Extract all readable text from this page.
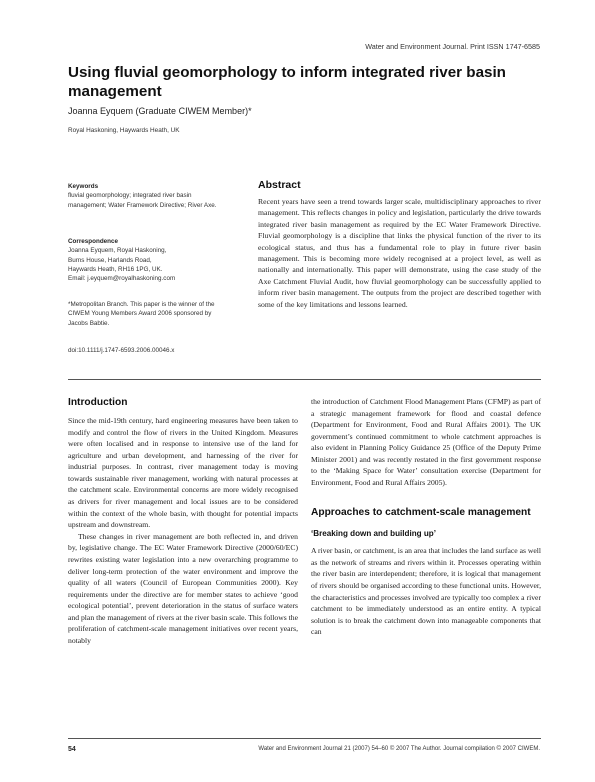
Water and Environment Journal. Print ISSN 1747-6585
Using fluvial geomorphology to inform integrated river basin management
Joanna Eyquem (Graduate CIWEM Member)*
Royal Haskoning, Haywards Heath, UK
Keywords
fluvial geomorphology; integrated river basin management; Water Framework Directive; River Axe.
Correspondence
Joanna Eyquem, Royal Haskoning,
Burns House, Harlands Road,
Haywards Heath, RH16 1PG, UK.
Email: j.eyquem@royalhaskoning.com
*Metropolitan Branch. This paper is the winner of the CIWEM Young Members Award 2006 sponsored by Jacobs Babtie.
doi:10.1111/j.1747-6593.2006.00046.x
Abstract
Recent years have seen a trend towards larger scale, multidisciplinary approaches to river management. This reflects changes in policy and legislation, particularly the drive towards integrated river basin management as required by the EC Water Framework Directive. Fluvial geomorphology is a discipline that links the physical function of the river to its ecological status, and thus has a fundamental role to play in future river basin management. This is becoming more widely recognised at a project level, as well as nationally and internationally. This paper will demonstrate, using the case study of the Axe Catchment Fluvial Audit, how fluvial geomorphology can be successfully applied to inform river basin management. The outputs from the project are described together with some of the key limitations and lessons learned.
Introduction

Since the mid-19th century, hard engineering measures have been taken to modify and control the flow of rivers in the United Kingdom. Measures were often localised and in response to intensive use of the land for agriculture and urban development, and harnessing of the river for industrial purposes. In contrast, river management today is moving towards sustainable river management, working with natural processes at the catchment scale. Environmental concerns are more widely recognised as drivers for river management and local issues are to be considered within the context of the whole basin, with thought for potential impacts upstream and downstream.

These changes in river management are both reflected in, and driven by, legislative change. The EC Water Framework Directive (2000/60/EC) rewrites existing water legislation into a new overarching programme to deliver long-term protection of the water environment and improve the quality of all waters (Council of European Communities 2000). Key requirements under the directive are for member states to achieve ‘good ecological potential’, prevent deterioration in the status of surface waters and plan the management of rivers at the river basin scale. This follows the proliferation of catchment-scale management initiatives over recent years, notably

the introduction of Catchment Flood Management Plans (CFMP) as part of a strategic management framework for flood and coastal defence (Department for Environment, Food and Rural Affairs 2001). The UK government’s continued commitment to whole catchment approaches is also evident in Planning Policy Guidance 25 (Office of the Deputy Prime Minister 2001) and was recently restated in the first government response to the ‘Making Space for Water’ consultation exercise (Department for Environment, Food and Rural Affairs 2005).

Approaches to catchment-scale management
‘Breaking down and building up’

A river basin, or catchment, is an area that includes the land surface as well as the network of streams and rivers within it. Processes operating within the river basin are interdependent; therefore, it is logical that management of rivers should be organised according to these functional units. However, the characteristics and processes involved are typically too complex a river catchment to be immediately understood as an entire entity. A typical solution is to break the catchment down into manageable components that can

54	Water and Environment Journal 21 (2007) 54–60 © 2007 The Author. Journal compilation © 2007 CIWEM.
